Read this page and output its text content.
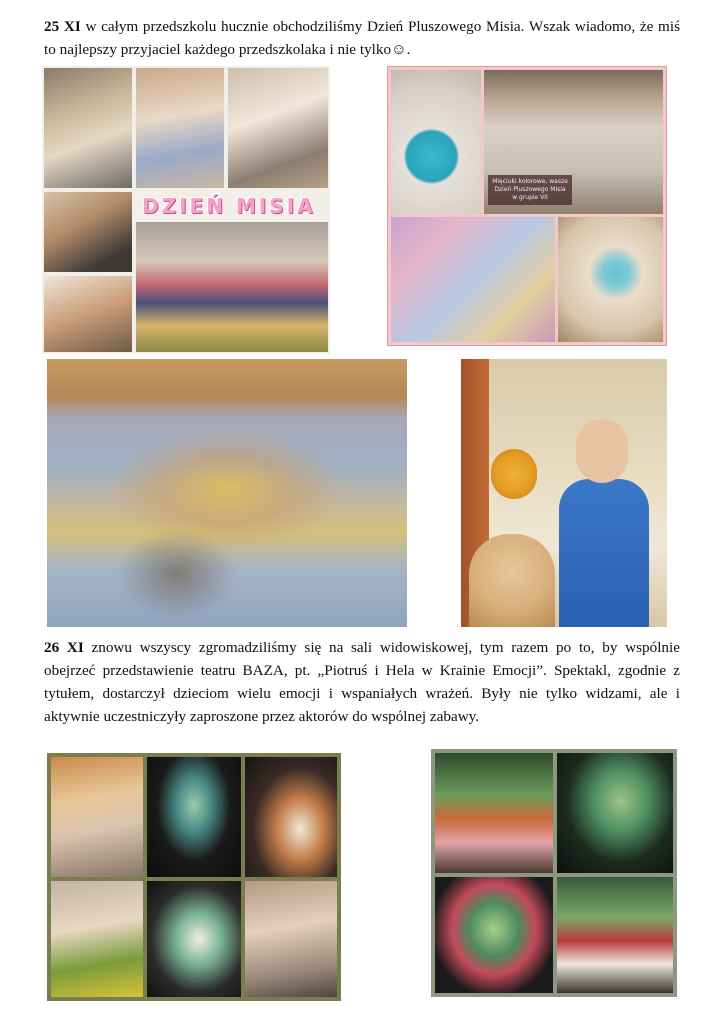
25 XI w całym przedszkolu hucznie obchodziliśmy Dzień Pluszowego Misia. Wszak wiadomo, że miś to najlepszy przyjaciel każdego przedszkolaka i nie tylko☺.
DZIEŃ MISIA
Mięciuki kolorowe, wasze Dzień Pluszowego Misia w grupie VII
26 XI znowu wszyscy zgromadziliśmy się na sali widowiskowej, tym razem po to, by wspólnie obejrzeć przedstawienie teatru BAZA, pt. „Piotruś i Hela w Krainie Emocji”. Spektakl, zgodnie z tytułem, dostarczył dzieciom wielu emocji i wspaniałych wrażeń. Były nie tylko widzami, ale i aktywnie uczestniczyły zaproszone przez aktorów do wspólnej zabawy.
